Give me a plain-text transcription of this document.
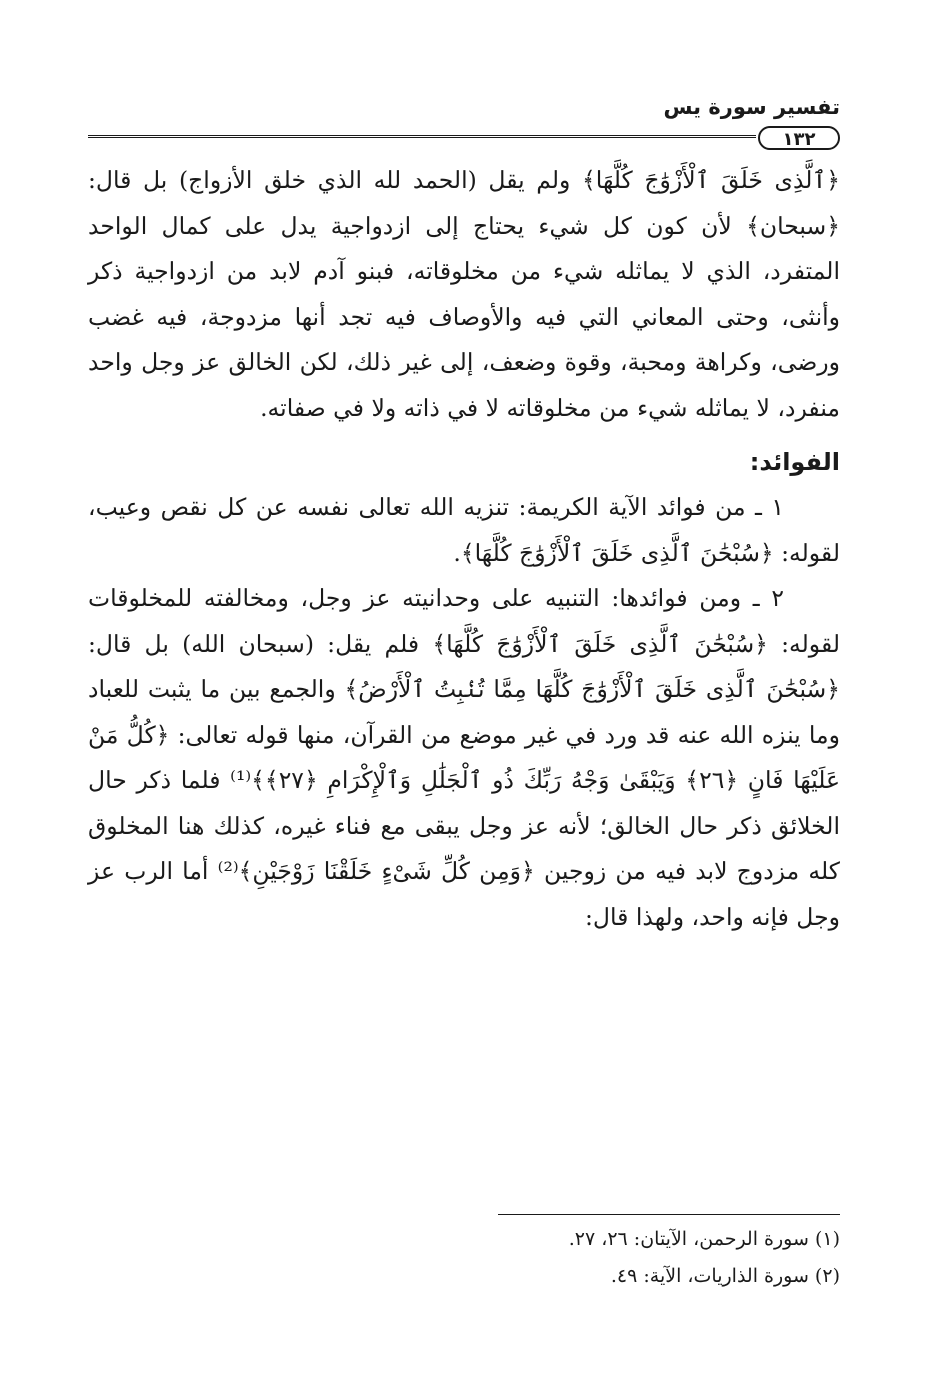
تفسير سورة يس
١٣٢

﴿ٱلَّذِى خَلَقَ ٱلْأَزْوَٰجَ كُلَّهَا﴾ ولم يقل (الحمد لله الذي خلق الأزواج) بل قال: ﴿سبحان﴾ لأن كون كل شيء يحتاج إلى ازدواجية يدل على كمال الواحد المتفرد، الذي لا يماثله شيء من مخلوقاته، فبنو آدم لابد من ازدواجية ذكر وأنثى، وحتى المعاني التي فيه والأوصاف فيه تجد أنها مزدوجة، فيه غضب ورضى، وكراهة ومحبة، وقوة وضعف، إلى غير ذلك، لكن الخالق عز وجل واحد منفرد، لا يماثله شيء من مخلوقاته لا في ذاته ولا في صفاته.

الفوائد:

١ ـ من فوائد الآية الكريمة: تنزيه الله تعالى نفسه عن كل نقص وعيب، لقوله: ﴿سُبْحَٰنَ ٱلَّذِى خَلَقَ ٱلْأَزْوَٰجَ كُلَّهَا﴾.

٢ ـ ومن فوائدها: التنبيه على وحدانيته عز وجل، ومخالفته للمخلوقات لقوله: ﴿سُبْحَٰنَ ٱلَّذِى خَلَقَ ٱلْأَزْوَٰجَ كُلَّهَا﴾ فلم يقل: (سبحان الله) بل قال: ﴿سُبْحَٰنَ ٱلَّذِى خَلَقَ ٱلْأَزْوَٰجَ كُلَّهَا مِمَّا تُنۢبِتُ ٱلْأَرْضُ﴾ والجمع بين ما يثبت للعباد وما ينزه الله عنه قد ورد في غير موضع من القرآن، منها قوله تعالى: ﴿كُلُّ مَنْ عَلَيْهَا فَانٍ ﴿٢٦﴾ وَيَبْقَىٰ وَجْهُ رَبِّكَ ذُو ٱلْجَلَٰلِ وَٱلْإِكْرَامِ ﴿٢٧﴾﴾⁽¹⁾ فلما ذكر حال الخلائق ذكر حال الخالق؛ لأنه عز وجل يبقى مع فناء غيره، كذلك هنا المخلوق كله مزدوج لابد فيه من زوجين ﴿وَمِن كُلِّ شَىْءٍ خَلَقْنَا زَوْجَيْنِ﴾⁽²⁾ أما الرب عز وجل فإنه واحد، ولهذا قال:

(١) سورة الرحمن، الآيتان: ٢٦، ٢٧.

(٢) سورة الذاريات، الآية: ٤٩.
